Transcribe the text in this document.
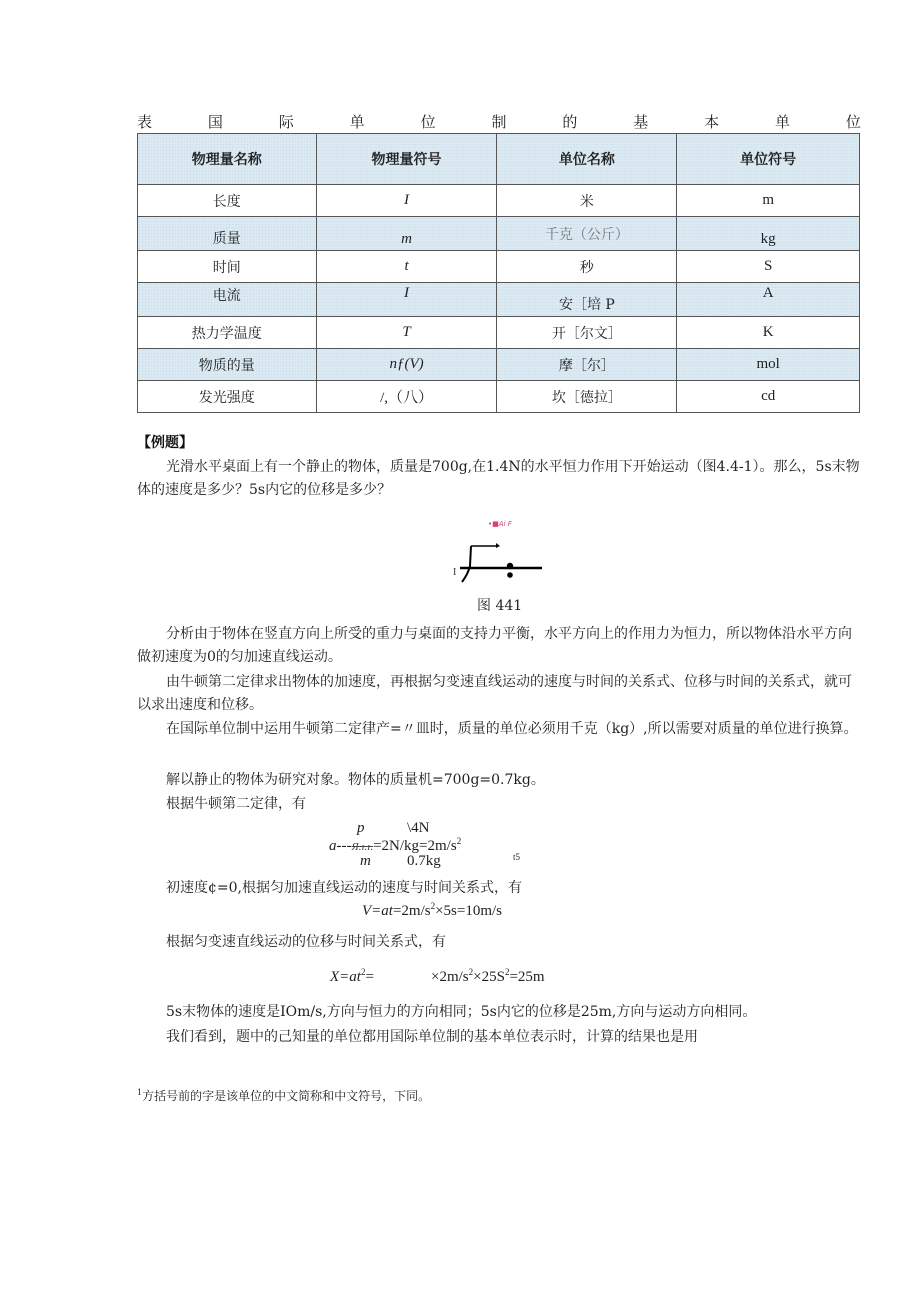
表	国	际	单	位	制	的	基	本	单	位
物理量名称	物理量符号	单位名称	单位符号
长度	I	米	m
质量	m	千克（公斤）	kg
时间	t	秒	S
电流	I	安［培 P	A
热力学温度	T	开［尔文］	K
物质的量	nƒ(V)	摩［尔］	mol
发光强度	/,（八）	坎［德拉］	cd
【例题】

光滑水平桌面上有一个静止的物体，质量是700g,在1.4N的水平恒力作用下开始运动（图4.4-1）。那么，5s末物体的速度是多少？5s内它的位移是多少？

•■Ai F
I
图 441

分析由于物体在竖直方向上所受的重力与桌面的支持力平衡，水平方向上的作用力为恒力，所以物体沿水平方向做初速度为0的匀加速直线运动。

由牛顿第二定律求出物体的加速度，再根据匀变速直线运动的速度与时间的关系式、位移与时间的关系式，就可以求出速度和位移。

在国际单位制中运用牛顿第二定律产=〃皿时，质量的单位必须用千克（kg）,所以需要对质量的单位进行换算。

解以静止的物体为研究对象。物体的质量机=700g=0.7kg。
根据牛顿第二定律，有
p	\4N
$a---Я.ı.ı.=2N/kg=2m/s^2$
m 0.7kg	t5
初速度¢=0,根据匀加速直线运动的速度与时间关系式，有
$V=at=2m/s^2\times 5s=10m/s$
根据匀变速直线运动的位移与时间关系式，有
$X=at^2=$	$\times 2m/s^2\times 25S^2=25m$
5s末物体的速度是IOm/s,方向与恒力的方向相同；5s内它的位移是25m,方向与运动方向相同。
我们看到，题中的己知量的单位都用国际单位制的基本单位表示时，计算的结果也是用
$^1$方括号前的字是该单位的中文简称和中文符号，下同。
